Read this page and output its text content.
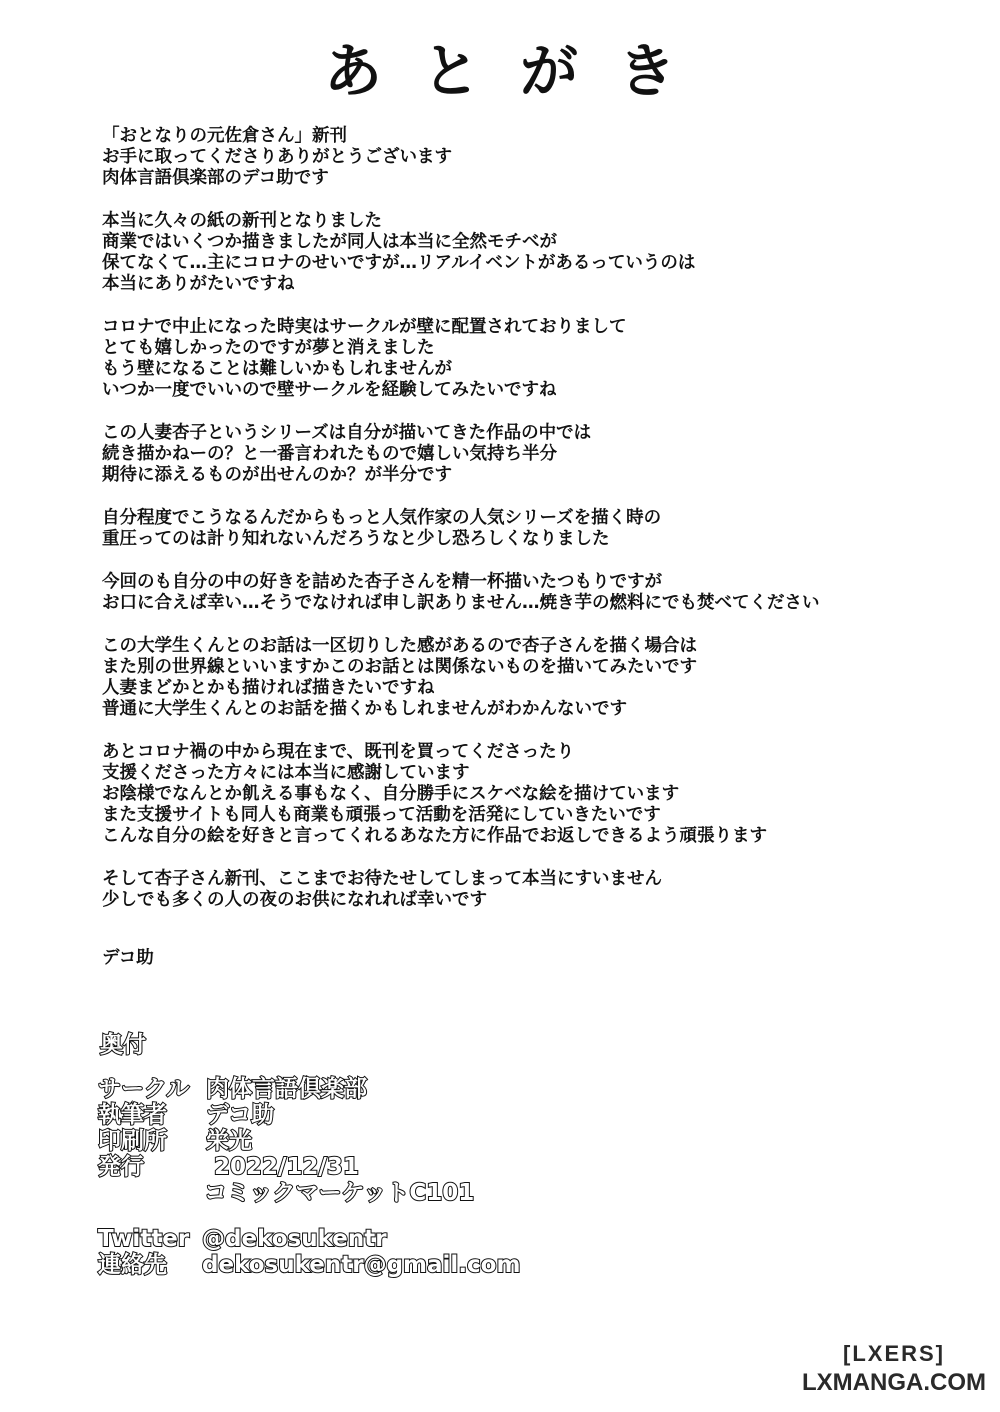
あとがき
「おとなりの元佐倉さん」新刊
お手に取ってくださりありがとうございます
肉体言語倶楽部のデコ助です
本当に久々の紙の新刊となりました
商業ではいくつか描きましたが同人は本当に全然モチベが
保てなくて…主にコロナのせいですが…リアルイベントがあるっていうのは
本当にありがたいですね
コロナで中止になった時実はサークルが壁に配置されておりまして
とても嬉しかったのですが夢と消えました
もう壁になることは難しいかもしれませんが
いつか一度でいいので壁サークルを経験してみたいですね
この人妻杏子というシリーズは自分が描いてきた作品の中では
続き描かねーの？と一番言われたもので嬉しい気持ち半分
期待に添えるものが出せんのか？が半分です
自分程度でこうなるんだからもっと人気作家の人気シリーズを描く時の
重圧ってのは計り知れないんだろうなと少し恐ろしくなりました
今回のも自分の中の好きを詰めた杏子さんを精一杯描いたつもりですが
お口に合えば幸い…そうでなければ申し訳ありません…焼き芋の燃料にでも焚べてください
この大学生くんとのお話は一区切りした感があるので杏子さんを描く場合は
また別の世界線といいますかこのお話とは関係ないものを描いてみたいです
人妻まどかとかも描ければ描きたいですね
普通に大学生くんとのお話を描くかもしれませんがわかんないです
あとコロナ禍の中から現在まで、既刊を買ってくださったり
支援くださった方々には本当に感謝しています
お陰様でなんとか飢える事もなく、自分勝手にスケベな絵を描けています
また支援サイトも同人も商業も頑張って活動を活発にしていきたいです
こんな自分の絵を好きと言ってくれるあなた方に作品でお返しできるよう頑張ります
そして杏子さん新刊、ここまでお待たせしてしまって本当にすいません
少しでも多くの人の夜のお供になれれば幸いです
デコ助
奥付
サークル 肉体言語倶楽部
執筆者 デコ助
印刷所 栄光
発行	2022/12/31
コミックマーケットC101
Twitter @dekosukentr
連絡先 dekosukentr@gmail.com
[LXERS]
LXMANGA.COM
